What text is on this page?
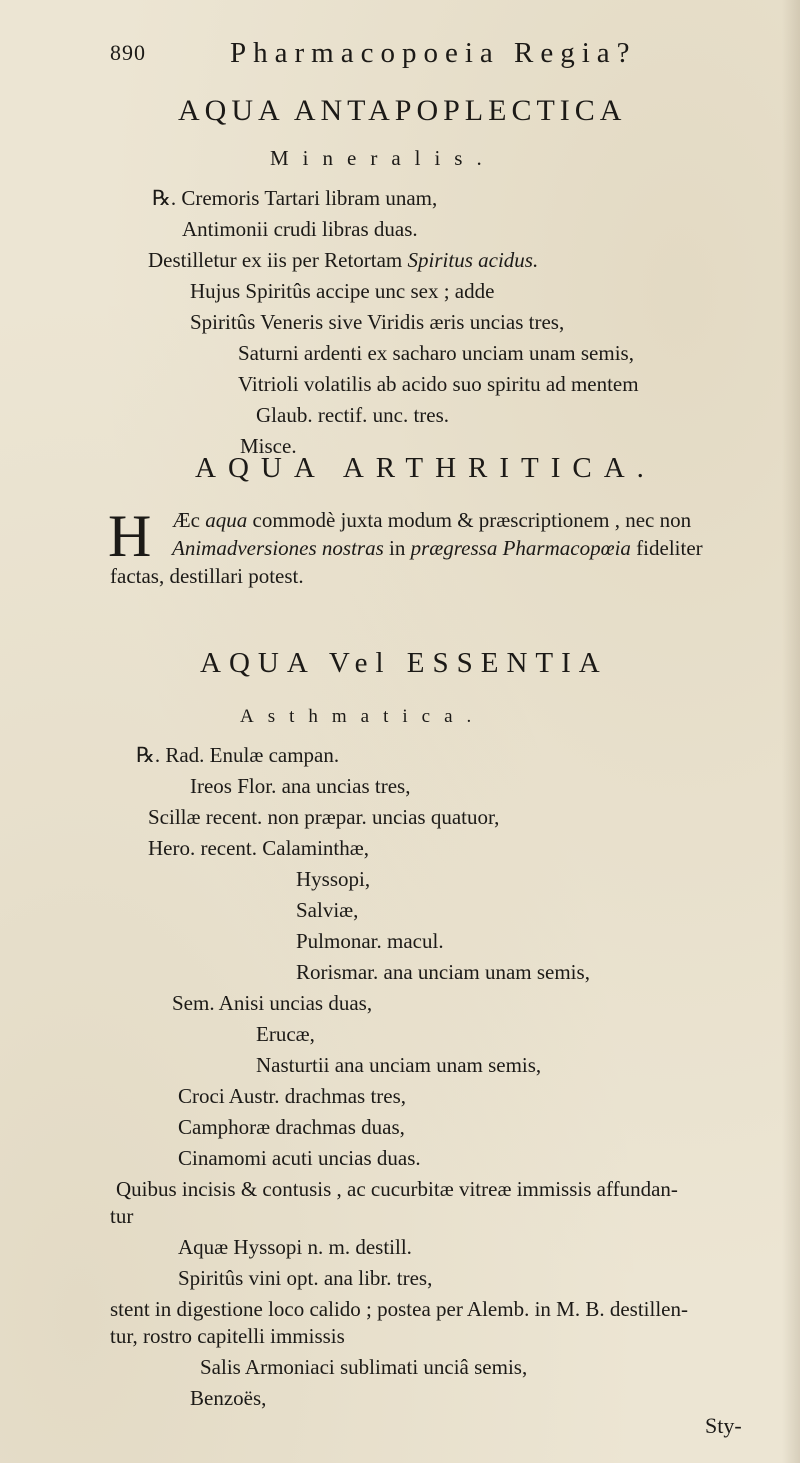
890	Pharmacopoeia Regia?
AQUA ANTAPOPLECTICA
Mineralis.
℞. Cremoris Tartari libram unam,
Antimonii crudi libras duas.
Destilletur ex iis per Retortam Spiritus acidus.
Hujus Spiritûs accipe unc sex ; adde
Spiritûs Veneris sive Viridis æris uncias tres,
Saturni ardenti ex sacharo unciam unam semis,
Vitrioli volatilis ab acido suo spiritu ad mentem
Glaub. rectif. unc. tres.
Misce.
AQUA ARTHRITICA.
H Æc aqua commodè juxta modum & præscriptionem , nec non
Animadversiones nostras in prægressa Pharmacopœia fideliter
factas, destillari potest.
AQUA Vel ESSENTIA
Asthmatica.
℞. Rad. Enulæ campan.
Ireos Flor. ana uncias tres,
Scillæ recent. non præpar. uncias quatuor,
Hero. recent. Calaminthæ,
Hyssopi,
Salviæ,
Pulmonar. macul.
Rorismar. ana unciam unam semis,
Sem. Anisi uncias duas,
Erucæ,
Nasturtii ana unciam unam semis,
Croci Austr. drachmas tres,
Camphoræ drachmas duas,
Cinamomi acuti uncias duas.
Quibus incisis & contusis , ac cucurbitæ vitreæ immissis affundan-
tur
Aquæ Hyssopi n. m. destill.
Spiritûs vini opt. ana libr. tres,
stent in digestione loco calido ; postea per Alemb. in M. B. destillen-
tur, rostro capitelli immissis
Salis Armoniaci sublimati unciâ semis,
Benzoës,
Sty-
